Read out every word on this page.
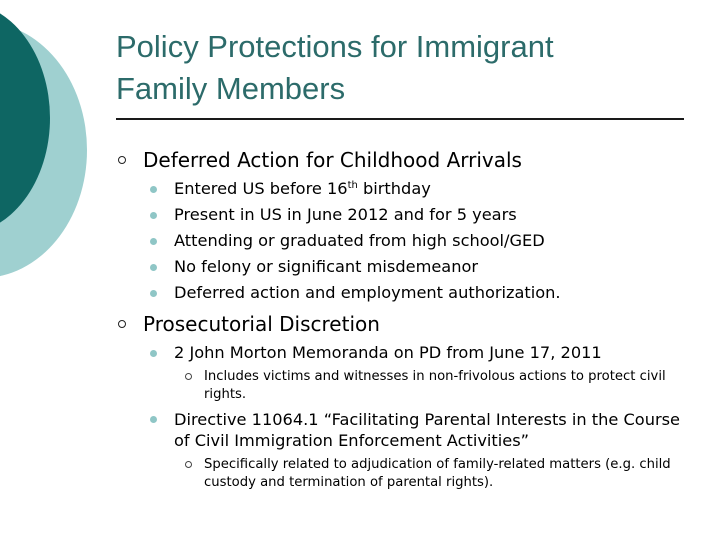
Policy Protections for Immigrant
Family Members

Deferred Action for Childhood Arrivals

Entered US before 16th birthday

Present in US in June 2012 and for 5 years

Attending or graduated from high school/GED

No felony or significant misdemeanor

Deferred action and employment authorization.

Prosecutorial Discretion

2 John Morton Memoranda on PD from June 17, 2011

Includes victims and witnesses in non-frivolous actions to protect civil rights.

Directive 11064.1 “Facilitating Parental Interests in the Course of Civil Immigration Enforcement Activities”

Specifically related to adjudication of family-related matters (e.g. child custody and termination of parental rights).
